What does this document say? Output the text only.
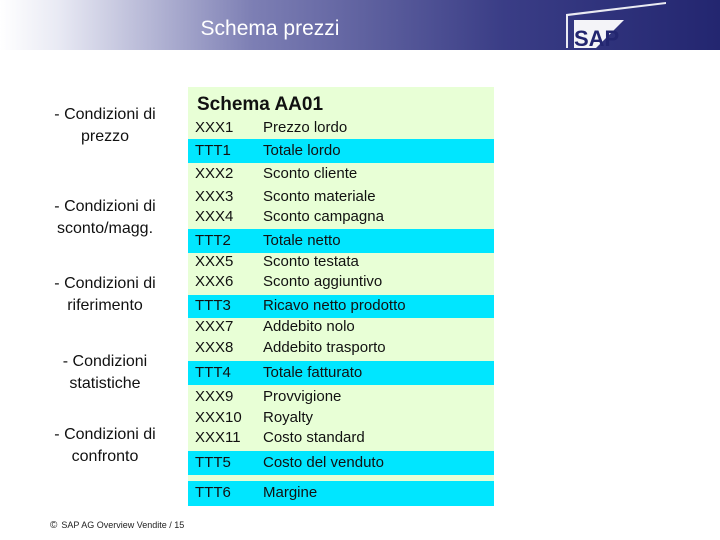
Schema prezzi	SAP
- Condizioni di
prezzo
- Condizioni di
sconto/magg.
- Condizioni di
riferimento
- Condizioni
statistiche
- Condizioni di
confronto
Schema AA01
XXX1 Prezzo lordo
TTT1 Totale lordo
XXX2 Sconto cliente
XXX3 Sconto materiale
XXX4 Sconto campagna
TTT2 Totale netto
XXX5 Sconto testata
XXX6 Sconto aggiuntivo
TTT3 Ricavo netto prodotto
XXX7 Addebito nolo
XXX8 Addebito trasporto
TTT4 Totale fatturato
XXX9 Provvigione
XXX10 Royalty
XXX11 Costo standard
TTT5 Costo del venduto
TTT6 Margine
© SAP AG Overview Vendite / 15
